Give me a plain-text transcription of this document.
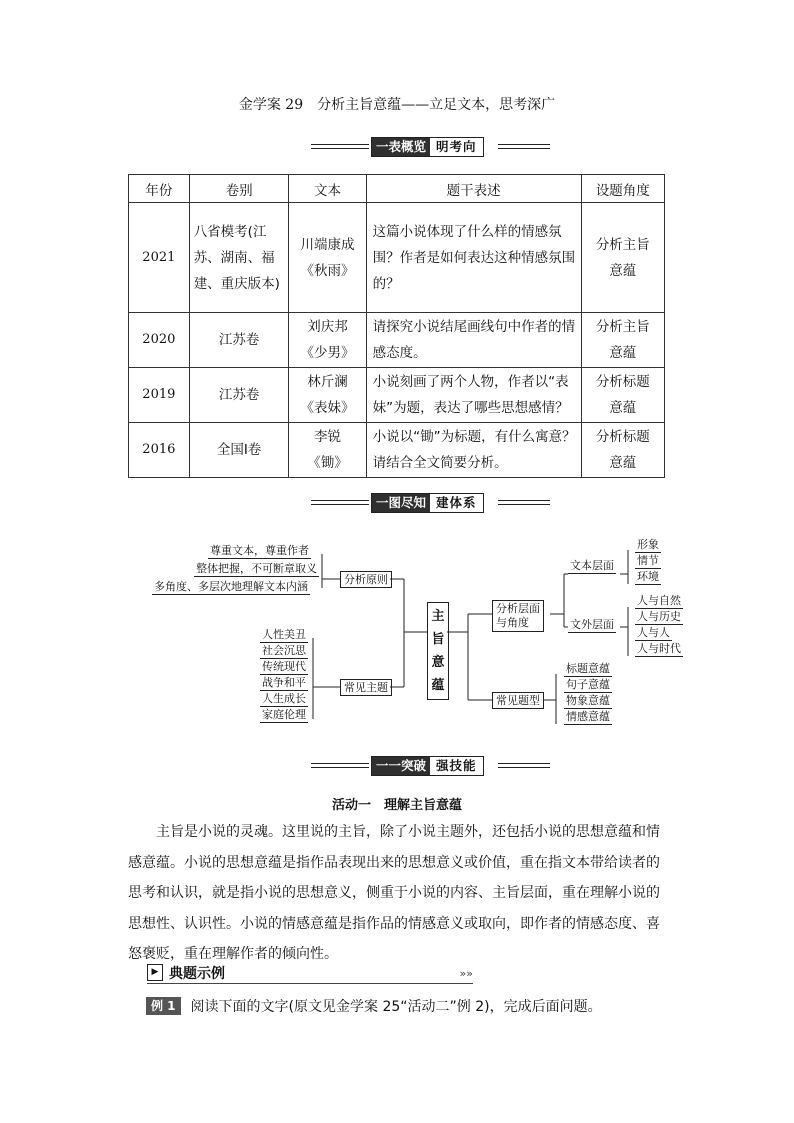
金学案 29　分析主旨意蕴——立足文本，思考深广
一表概览 明考向
年份	卷别	文本	题干表述	设题角度
2021	八省模考(江苏、湖南、福建、重庆版本)	川端康成《秋雨》	这篇小说体现了什么样的情感氛围？作者是如何表达这种情感氛围的？	分析主旨意蕴
2020	江苏卷	刘庆邦《少男》	请探究小说结尾画线句中作者的情感态度。	分析主旨意蕴
2019	江苏卷	林斤澜《表妹》	小说刻画了两个人物，作者以“表妹”为题，表达了哪些思想感情？	分析标题意蕴
2016	全国Ⅰ卷	李锐《锄》	小说以“锄”为标题，有什么寓意？请结合全文简要分析。	分析标题意蕴
一图尽知 建体系
尊重文本，尊重作者
整体把握，不可断章取义
多角度、多层次地理解文本内涵
分析原则
人性美丑
社会沉思
传统现代
战争和平
人生成长
家庭伦理
常见主题
主
旨
意
蕴
分析层面
与角度
文本层面
文外层面
形象
情节
环境
人与自然
人与历史
人与人
人与时代
常见题型
标题意蕴
句子意蕴
物象意蕴
情感意蕴
一一突破 强技能
活动一　理解主旨意蕴
主旨是小说的灵魂。这里说的主旨，除了小说主题外，还包括小说的思想意蕴和情感意蕴。小说的思想意蕴是指作品表现出来的思想意义或价值，重在指文本带给读者的思考和认识，就是指小说的思想意义，侧重于小说的内容、主旨层面，重在理解小说的思想性、认识性。小说的情感意蕴是指作品的情感意义或取向，即作者的情感态度、喜怒褒贬，重在理解作者的倾向性。
▶ 典题示例	»»
例 1	阅读下面的文字(原文见金学案 25“活动二”例 2)，完成后面问题。
